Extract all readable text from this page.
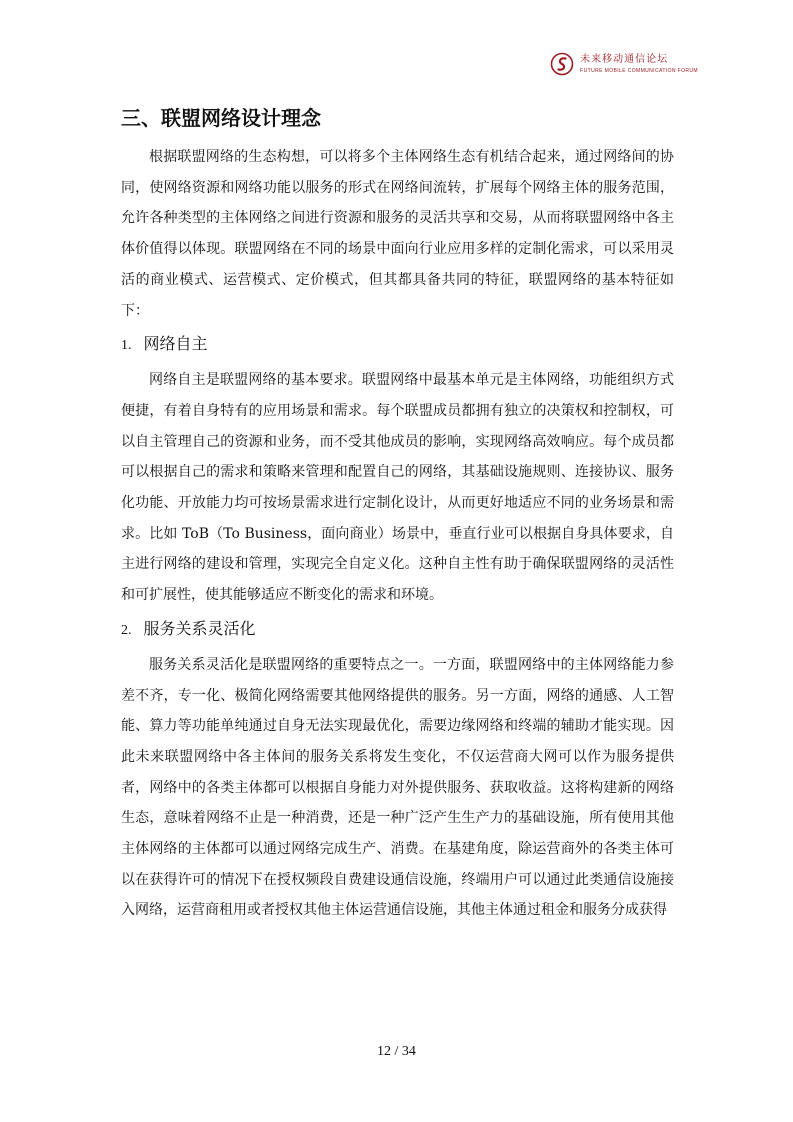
未来移动通信论坛
FUTURE MOBILE COMMUNICATION FORUM
三、联盟网络设计理念

根据联盟网络的生态构想，可以将多个主体网络生态有机结合起来，通过网络间的协同，使网络资源和网络功能以服务的形式在网络间流转，扩展每个网络主体的服务范围，允许各种类型的主体网络之间进行资源和服务的灵活共享和交易，从而将联盟网络中各主体价值得以体现。联盟网络在不同的场景中面向行业应用多样的定制化需求，可以采用灵活的商业模式、运营模式、定价模式，但其都具备共同的特征，联盟网络的基本特征如下：

1. 网络自主

网络自主是联盟网络的基本要求。联盟网络中最基本单元是主体网络，功能组织方式便捷，有着自身特有的应用场景和需求。每个联盟成员都拥有独立的决策权和控制权，可以自主管理自己的资源和业务，而不受其他成员的影响，实现网络高效响应。每个成员都可以根据自己的需求和策略来管理和配置自己的网络，其基础设施规则、连接协议、服务化功能、开放能力均可按场景需求进行定制化设计，从而更好地适应不同的业务场景和需求。比如 ToB（To Business，面向商业）场景中，垂直行业可以根据自身具体要求，自主进行网络的建设和管理，实现完全自定义化。这种自主性有助于确保联盟网络的灵活性和可扩展性，使其能够适应不断变化的需求和环境。

2. 服务关系灵活化

服务关系灵活化是联盟网络的重要特点之一。一方面，联盟网络中的主体网络能力参差不齐，专一化、极简化网络需要其他网络提供的服务。另一方面，网络的通感、人工智能、算力等功能单纯通过自身无法实现最优化，需要边缘网络和终端的辅助才能实现。因此未来联盟网络中各主体间的服务关系将发生变化，不仅运营商大网可以作为服务提供者，网络中的各类主体都可以根据自身能力对外提供服务、获取收益。这将构建新的网络生态，意味着网络不止是一种消费，还是一种广泛产生生产力的基础设施，所有使用其他主体网络的主体都可以通过网络完成生产、消费。在基建角度，除运营商外的各类主体可以在获得许可的情况下在授权频段自费建设通信设施，终端用户可以通过此类通信设施接入网络，运营商租用或者授权其他主体运营通信设施，其他主体通过租金和服务分成获得

12 / 34
